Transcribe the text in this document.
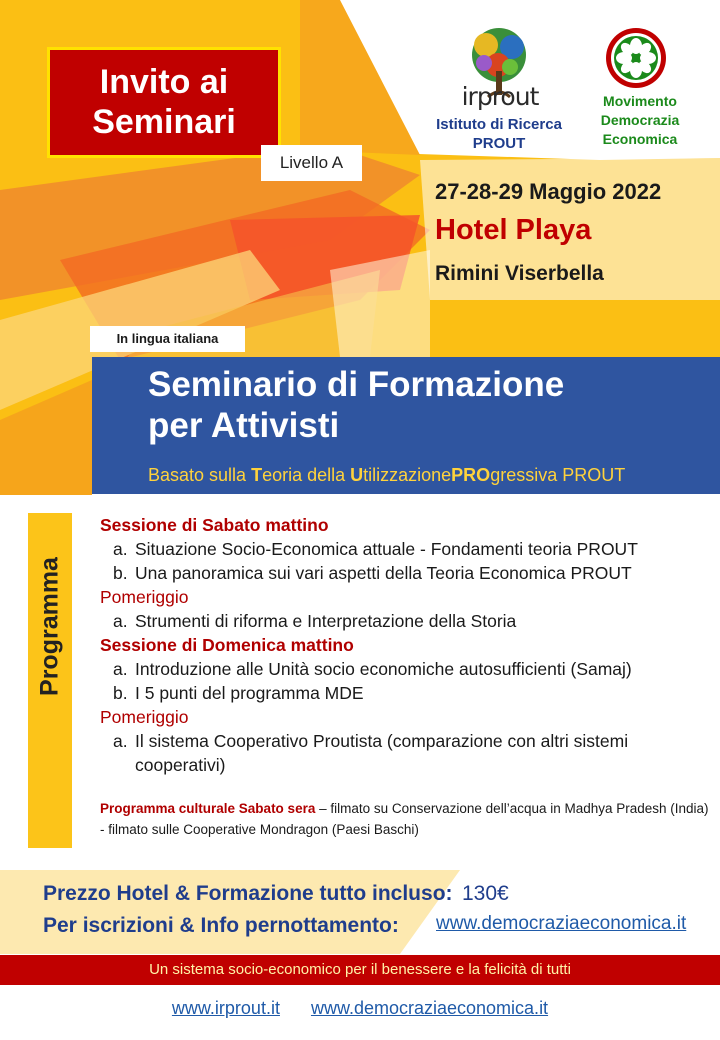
Invito ai Seminari
Livello A
irprout
Istituto di Ricerca PROUT
Movimento Democrazia Economica
27-28-29 Maggio 2022
Hotel Playa
Rimini Viserbella
In lingua italiana
Seminario di Formazione
per Attivisti
Basato sulla Teoria della UtilizzazionePROgressiva PROUT
Programma
Sessione di Sabato mattino
a. Situazione Socio-Economica attuale - Fondamenti teoria PROUT
b. Una panoramica sui vari aspetti della Teoria Economica PROUT
Pomeriggio
a. Strumenti di riforma e Interpretazione della Storia
Sessione di Domenica mattino
a. Introduzione alle Unità socio economiche autosufficienti (Samaj)
b. I 5 punti del programma MDE
Pomeriggio
a. Il sistema Cooperativo Proutista (comparazione con altri sistemi cooperativi)
Programma culturale Sabato sera – filmato su Conservazione dell’acqua in Madhya Pradesh (India) - filmato sulle Cooperative Mondragon (Paesi Baschi)
Prezzo Hotel & Formazione tutto incluso:
Per iscrizioni & Info pernottamento:
130€
www.democraziaeconomica.it
Un sistema socio-economico per il benessere e la felicità di tutti
www.irprout.it www.democraziaeconomica.it
